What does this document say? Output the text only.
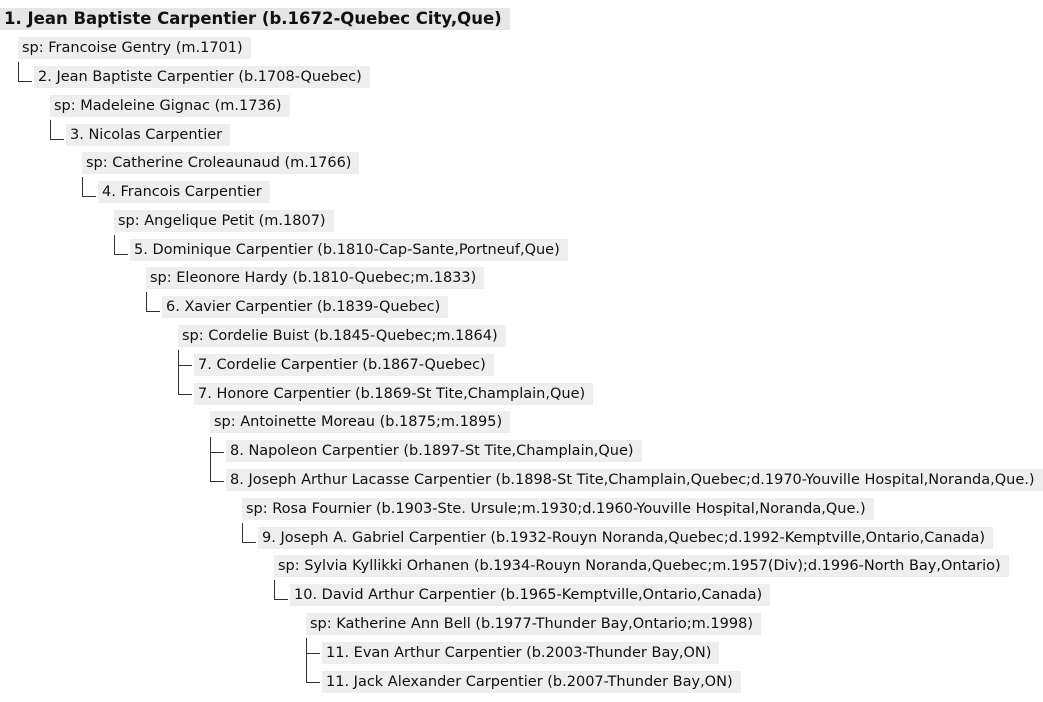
1. Jean Baptiste Carpentier (b.1672-Quebec City,Que)
sp: Francoise Gentry (m.1701)
2. Jean Baptiste Carpentier (b.1708-Quebec)
sp: Madeleine Gignac (m.1736)
3. Nicolas Carpentier
sp: Catherine Croleaunaud (m.1766)
4. Francois Carpentier
sp: Angelique Petit (m.1807)
5. Dominique Carpentier (b.1810-Cap-Sante,Portneuf,Que)
sp: Eleonore Hardy (b.1810-Quebec;m.1833)
6. Xavier Carpentier (b.1839-Quebec)
sp: Cordelie Buist (b.1845-Quebec;m.1864)
7. Cordelie Carpentier (b.1867-Quebec)
7. Honore Carpentier (b.1869-St Tite,Champlain,Que)
sp: Antoinette Moreau (b.1875;m.1895)
8. Napoleon Carpentier (b.1897-St Tite,Champlain,Que)
8. Joseph Arthur Lacasse Carpentier (b.1898-St Tite,Champlain,Quebec;d.1970-Youville Hospital,Noranda,Que.)
sp: Rosa Fournier (b.1903-Ste. Ursule;m.1930;d.1960-Youville Hospital,Noranda,Que.)
9. Joseph A. Gabriel Carpentier (b.1932-Rouyn Noranda,Quebec;d.1992-Kemptville,Ontario,Canada)
sp: Sylvia Kyllikki Orhanen (b.1934-Rouyn Noranda,Quebec;m.1957(Div);d.1996-North Bay,Ontario)
10. David Arthur Carpentier (b.1965-Kemptville,Ontario,Canada)
sp: Katherine Ann Bell (b.1977-Thunder Bay,Ontario;m.1998)
11. Evan Arthur Carpentier (b.2003-Thunder Bay,ON)
11. Jack Alexander Carpentier (b.2007-Thunder Bay,ON)
